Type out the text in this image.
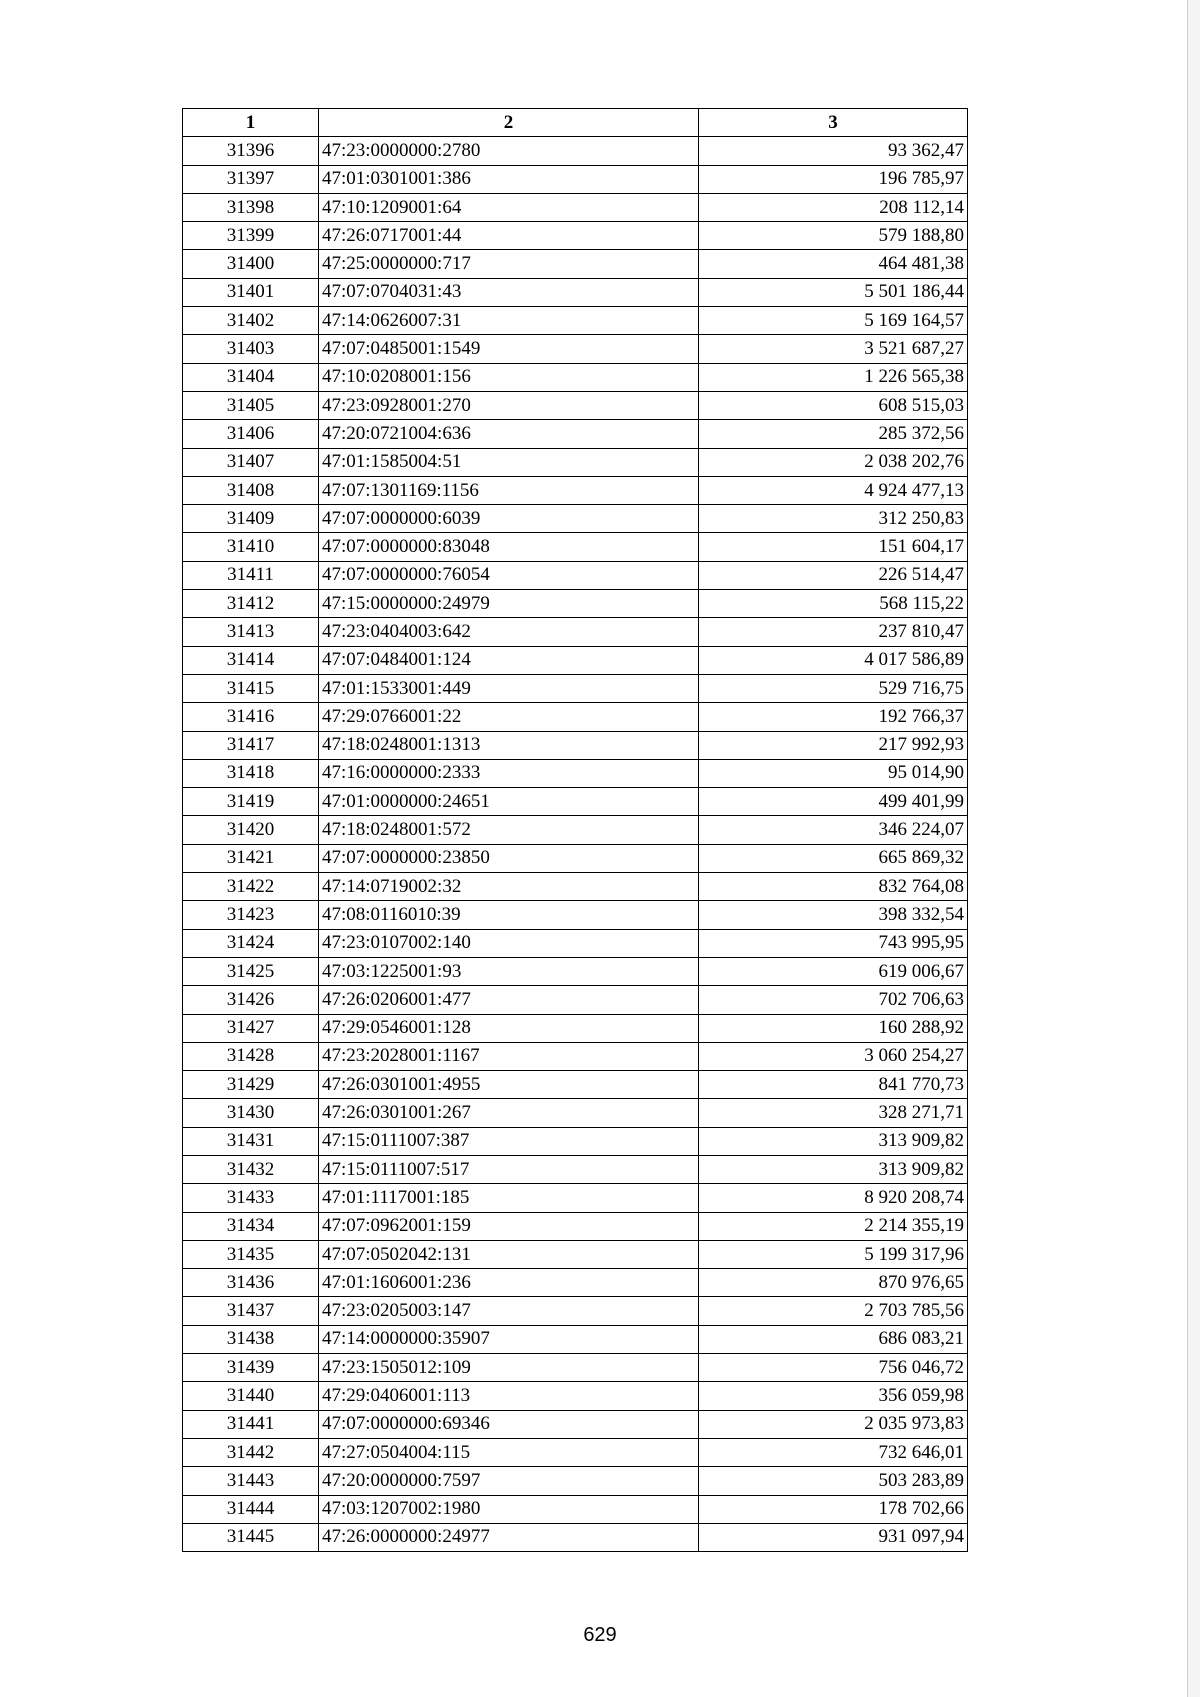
1	2	3
31396	47:23:0000000:2780	93 362,47
31397	47:01:0301001:386	196 785,97
31398	47:10:1209001:64	208 112,14
31399	47:26:0717001:44	579 188,80
31400	47:25:0000000:717	464 481,38
31401	47:07:0704031:43	5 501 186,44
31402	47:14:0626007:31	5 169 164,57
31403	47:07:0485001:1549	3 521 687,27
31404	47:10:0208001:156	1 226 565,38
31405	47:23:0928001:270	608 515,03
31406	47:20:0721004:636	285 372,56
31407	47:01:1585004:51	2 038 202,76
31408	47:07:1301169:1156	4 924 477,13
31409	47:07:0000000:6039	312 250,83
31410	47:07:0000000:83048	151 604,17
31411	47:07:0000000:76054	226 514,47
31412	47:15:0000000:24979	568 115,22
31413	47:23:0404003:642	237 810,47
31414	47:07:0484001:124	4 017 586,89
31415	47:01:1533001:449	529 716,75
31416	47:29:0766001:22	192 766,37
31417	47:18:0248001:1313	217 992,93
31418	47:16:0000000:2333	95 014,90
31419	47:01:0000000:24651	499 401,99
31420	47:18:0248001:572	346 224,07
31421	47:07:0000000:23850	665 869,32
31422	47:14:0719002:32	832 764,08
31423	47:08:0116010:39	398 332,54
31424	47:23:0107002:140	743 995,95
31425	47:03:1225001:93	619 006,67
31426	47:26:0206001:477	702 706,63
31427	47:29:0546001:128	160 288,92
31428	47:23:2028001:1167	3 060 254,27
31429	47:26:0301001:4955	841 770,73
31430	47:26:0301001:267	328 271,71
31431	47:15:0111007:387	313 909,82
31432	47:15:0111007:517	313 909,82
31433	47:01:1117001:185	8 920 208,74
31434	47:07:0962001:159	2 214 355,19
31435	47:07:0502042:131	5 199 317,96
31436	47:01:1606001:236	870 976,65
31437	47:23:0205003:147	2 703 785,56
31438	47:14:0000000:35907	686 083,21
31439	47:23:1505012:109	756 046,72
31440	47:29:0406001:113	356 059,98
31441	47:07:0000000:69346	2 035 973,83
31442	47:27:0504004:115	732 646,01
31443	47:20:0000000:7597	503 283,89
31444	47:03:1207002:1980	178 702,66
31445	47:26:0000000:24977	931 097,94
629
